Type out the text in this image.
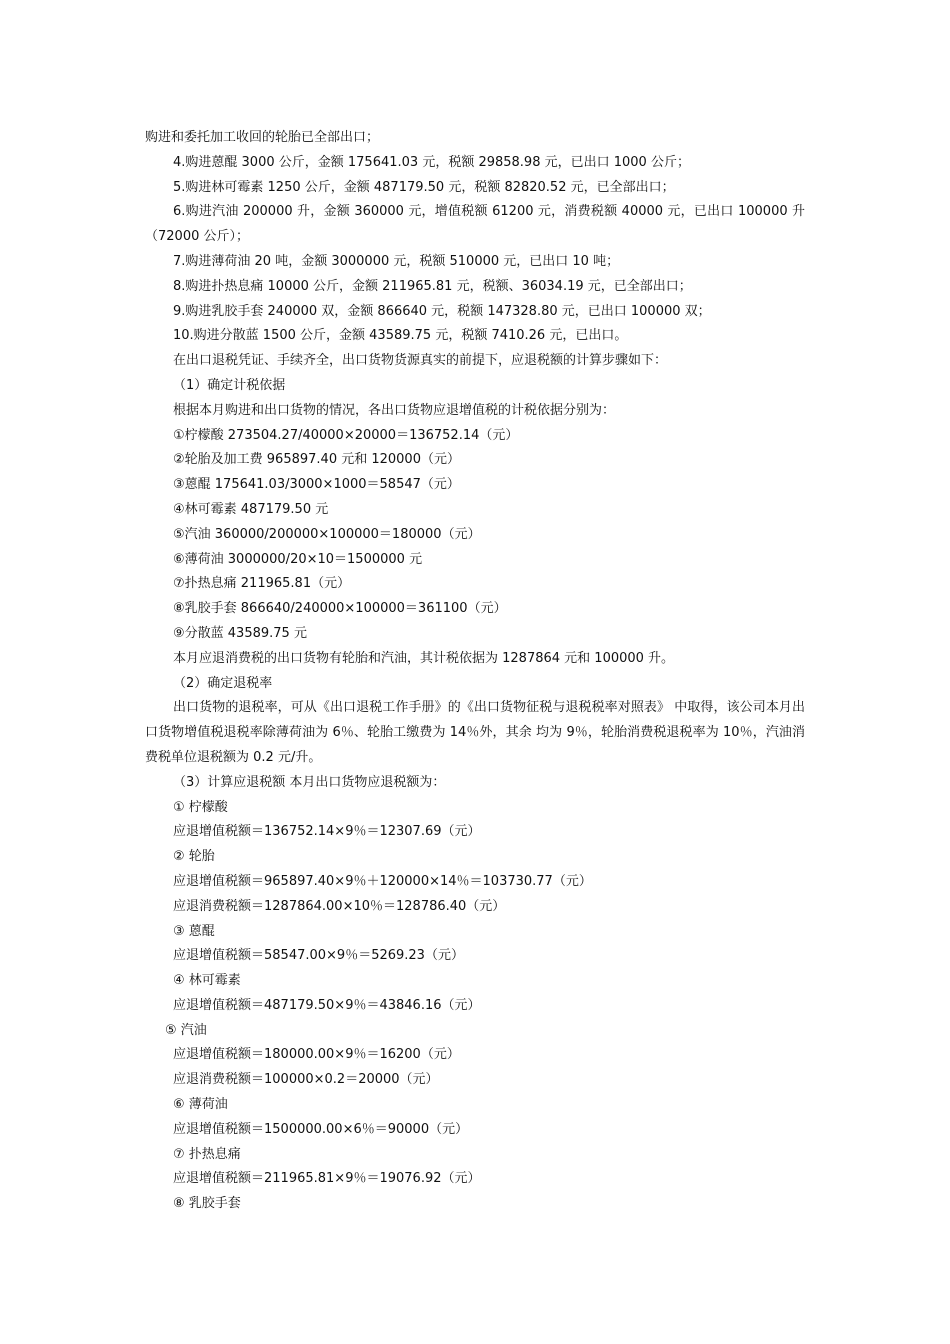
购进和委托加工收回的轮胎已全部出口；

4.购进蒽醌 3000 公斤，金额 175641.03 元，税额 29858.98 元，已出口 1000 公斤；

5.购进林可霉素 1250 公斤，金额 487179.50 元，税额 82820.52 元，已全部出口；

6.购进汽油 200000 升，金额 360000 元，增值税额 61200 元，消费税额 40000 元，已出口 100000 升（72000 公斤）；

7.购进薄荷油 20 吨，金额 3000000 元，税额 510000 元，已出口 10 吨；

8.购进扑热息痛 10000 公斤，金额 211965.81 元，税额、36034.19 元，已全部出口；

9.购进乳胶手套 240000 双，金额 866640 元，税额 147328.80 元，已出口 100000 双；

10.购进分散蓝 1500 公斤，金额 43589.75 元，税额 7410.26 元，已出口。

在出口退税凭证、手续齐全，出口货物货源真实的前提下，应退税额的计算步骤如下：

（1）确定计税依据

根据本月购进和出口货物的情况，各出口货物应退增值税的计税依据分别为：

①柠檬酸 273504.27/40000×20000＝136752.14（元）

②轮胎及加工费 965897.40 元和 120000（元）

③蒽醌 175641.03/3000×1000＝58547（元）

④林可霉素 487179.50 元

⑤汽油 360000/200000×100000＝180000（元）

⑥薄荷油 3000000/20×10＝1500000 元

⑦扑热息痛 211965.81（元）

⑧乳胶手套 866640/240000×100000＝361100（元）

⑨分散蓝 43589.75 元

本月应退消费税的出口货物有轮胎和汽油，其计税依据为 1287864 元和 100000 升。

（2）确定退税率

出口货物的退税率，可从《出口退税工作手册》的《出口货物征税与退税税率对照表》 中取得，该公司本月出口货物增值税退税率除薄荷油为 6％、轮胎工缴费为 14％外，其余 均为 9％，轮胎消费税退税率为 10％，汽油消费税单位退税额为 0.2 元/升。

（3）计算应退税额 本月出口货物应退税额为：

① 柠檬酸

应退增值税额＝136752.14×9％＝12307.69（元）

② 轮胎

应退增值税额＝965897.40×9％＋120000×14％＝103730.77（元）

应退消费税额＝1287864.00×10％＝128786.40（元）

③ 蒽醌

应退增值税额＝58547.00×9％＝5269.23（元）

④ 林可霉素

应退增值税额＝487179.50×9％＝43846.16（元）

⑤ 汽油

应退增值税额＝180000.00×9％＝16200（元）

应退消费税额＝100000×0.2＝20000（元）

⑥ 薄荷油

应退增值税额＝1500000.00×6％＝90000（元）

⑦ 扑热息痛

应退增值税额＝211965.81×9％＝19076.92（元）

⑧ 乳胶手套
